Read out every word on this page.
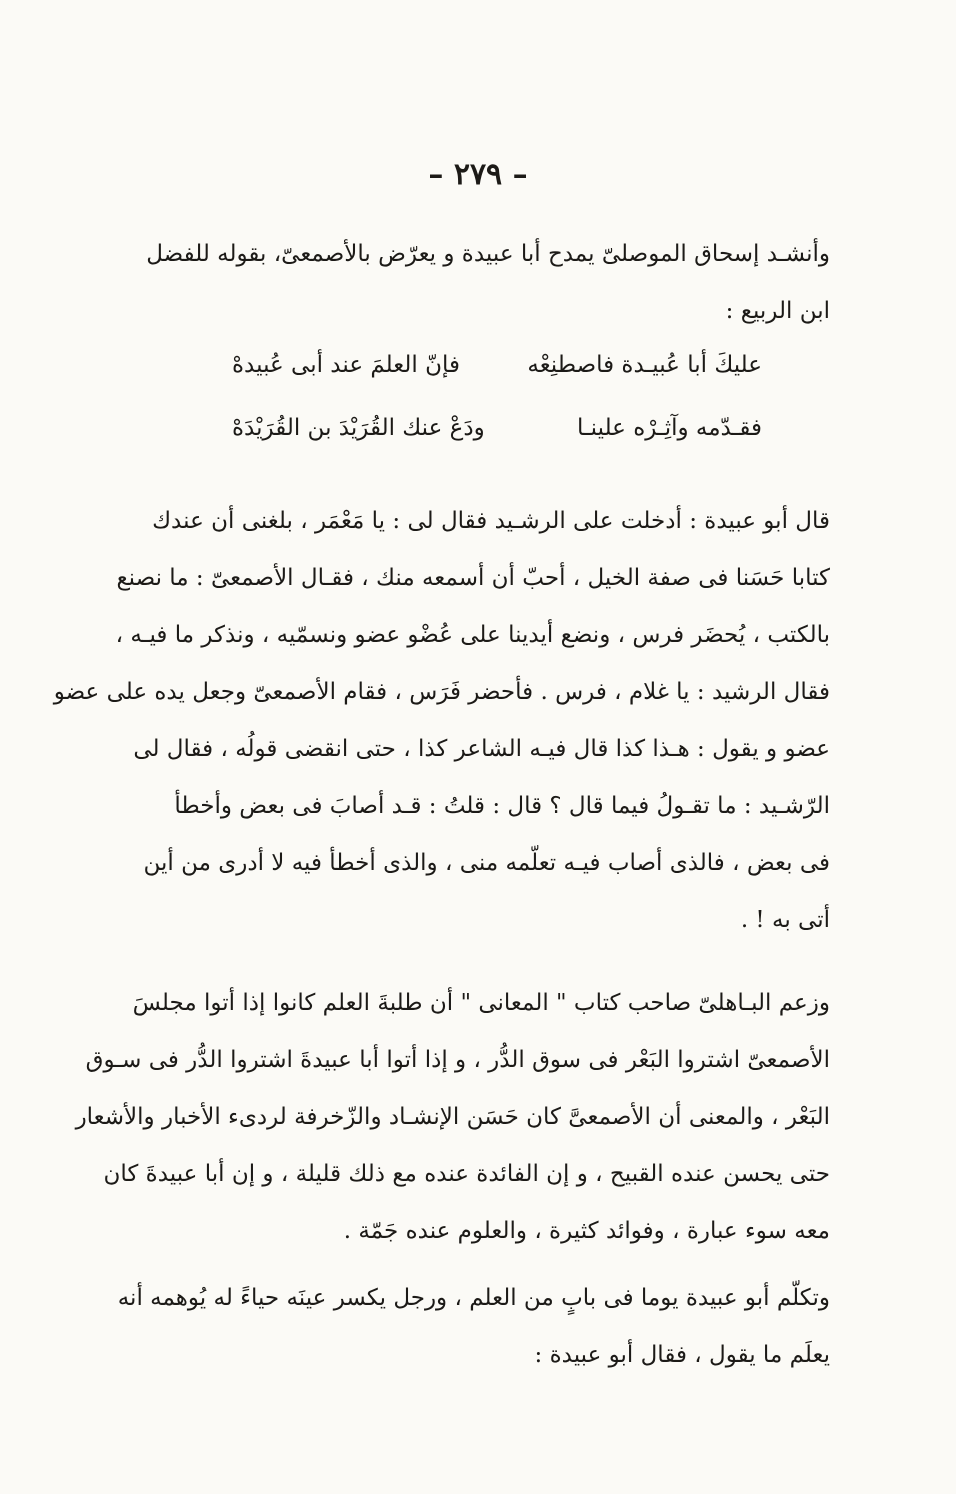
– ٢٧٩ –
وأنشـد إسحاق الموصلىّ يمدح أبا عبيدة و يعرّض بالأصمعىّ، بقوله للفضل
ابن الربيع :
عليكَ أبا عُبيـدة فاصطنِعْه
فإنّ العلمَ عند أبى عُبيدهْ
فقـدّمه وآثِـرْه علينـا
ودَعْ عنك القُرَيْدَ بن القُرَيْدَهْ
قال أبو عبيدة : أدخلت على الرشـيد فقال لى : يا مَعْمَر ، بلغنى أن عندك
كتابا حَسَنا فى صفة الخيل ، أحبّ أن أسمعه منك ، فقـال الأصمعىّ : ما نصنع
بالكتب ، يُحضَر فرس ، ونضع أيدينا على عُضْو عضو ونسمّيه ، ونذكر ما فيـه ،
فقال الرشيد : يا غلام ، فرس . فأحضر فَرَس ، فقام الأصمعىّ وجعل يده على عضو
عضو و يقول : هـذا كذا قال فيـه الشاعر كذا ، حتى انقضى قولُه ، فقال لى
الرّشـيد : ما تقـولُ فيما قال ؟ قال : قلتُ : قـد أصابَ فى بعض وأخطأ
فى بعض ، فالذى أصاب فيـه تعلّمه منى ، والذى أخطأ فيه لا أدرى من أين
أتى به ! .
وزعم البـاهلىّ صاحب كتاب " المعانى " أن طلبةَ العلم كانوا إذا أتوا مجلسَ
الأصمعىّ اشتروا البَعْر فى سوق الدُّر ، و إذا أتوا أبا عبيدةَ اشتروا الدُّر فى سـوق
البَعْر ، والمعنى أن الأصمعىَّ كان حَسَن الإنشـاد والزّخرفة لردىء الأخبار والأشعار
حتى يحسن عنده القبيح ، و إن الفائدة عنده مع ذلك قليلة ، و إن أبا عبيدةَ كان
معه سوء عبارة ، وفوائد كثيرة ، والعلوم عنده جَمّة .
وتكلّم أبو عبيدة يوما فى بابٍ من العلم ، ورجل يكسر عينَه حياءً له يُوهمه أنه
يعلَم ما يقول ، فقال أبو عبيدة :
